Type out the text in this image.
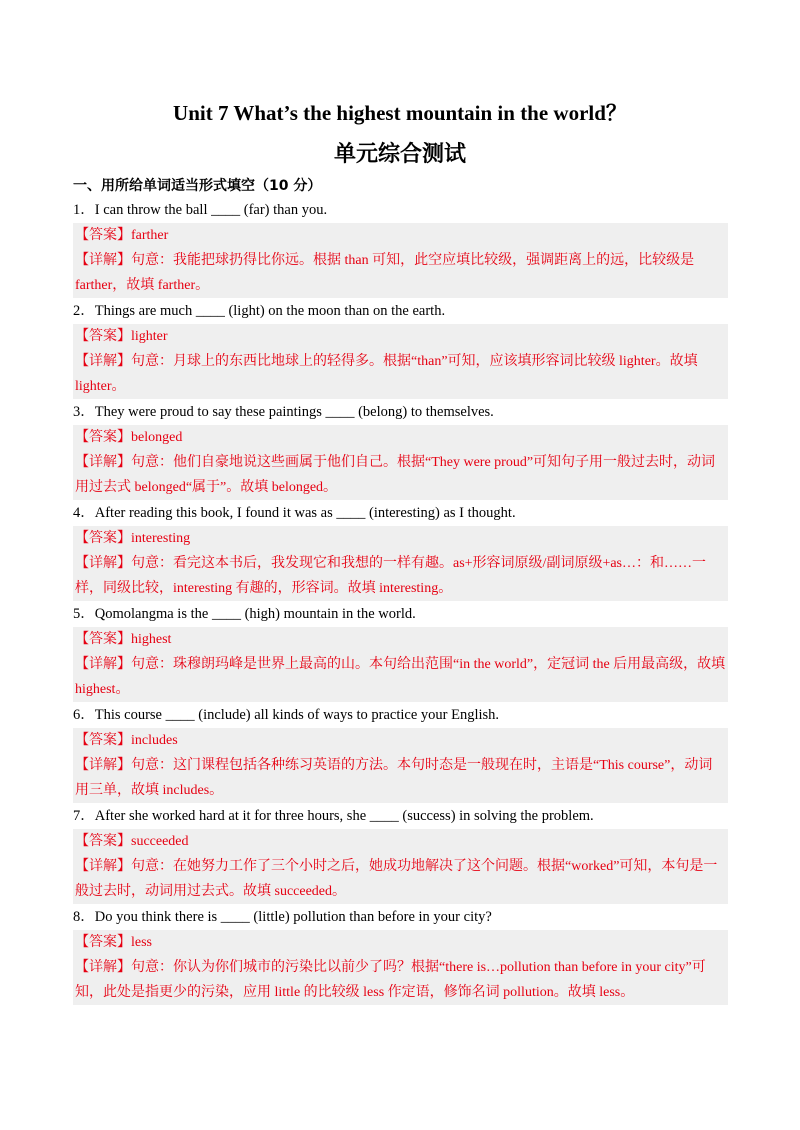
Unit 7 What’s the highest mountain in the world？
单元综合测试
一、用所给单词适当形式填空（10 分）
1．I can throw the ball ____ (far) than you.
【答案】farther
【详解】句意：我能把球扔得比你远。根据 than 可知，此空应填比较级，强调距离上的远，比较级是 farther，故填 farther。
2．Things are much ____ (light) on the moon than on the earth.
【答案】lighter
【详解】句意：月球上的东西比地球上的轻得多。根据“than”可知，应该填形容词比较级 lighter。故填 lighter。
3．They were proud to say these paintings ____ (belong) to themselves.
【答案】belonged
【详解】句意：他们自豪地说这些画属于他们自己。根据“They were proud”可知句子用一般过去时，动词用过去式 belonged“属于”。故填 belonged。
4．After reading this book, I found it was as ____ (interesting) as I thought.
【答案】interesting
【详解】句意：看完这本书后，我发现它和我想的一样有趣。as+形容词原级/副词原级+as…：和……一样，同级比较，interesting 有趣的，形容词。故填 interesting。
5．Qomolangma is the ____ (high) mountain in the world.
【答案】highest
【详解】句意：珠穆朗玛峰是世界上最高的山。本句给出范围“in the world”，定冠词 the 后用最高级，故填 highest。
6．This course ____ (include) all kinds of ways to practice your English.
【答案】includes
【详解】句意：这门课程包括各种练习英语的方法。本句时态是一般现在时，主语是“This course”，动词用三单，故填 includes。
7．After she worked hard at it for three hours, she ____ (success) in solving the problem.
【答案】succeeded
【详解】句意：在她努力工作了三个小时之后，她成功地解决了这个问题。根据“worked”可知，本句是一般过去时，动词用过去式。故填 succeeded。
8．Do you think there is ____ (little) pollution than before in your city?
【答案】less
【详解】句意：你认为你们城市的污染比以前少了吗？根据“there is…pollution than before in your city”可知，此处是指更少的污染，应用 little 的比较级 less 作定语，修饰名词 pollution。故填 less。
